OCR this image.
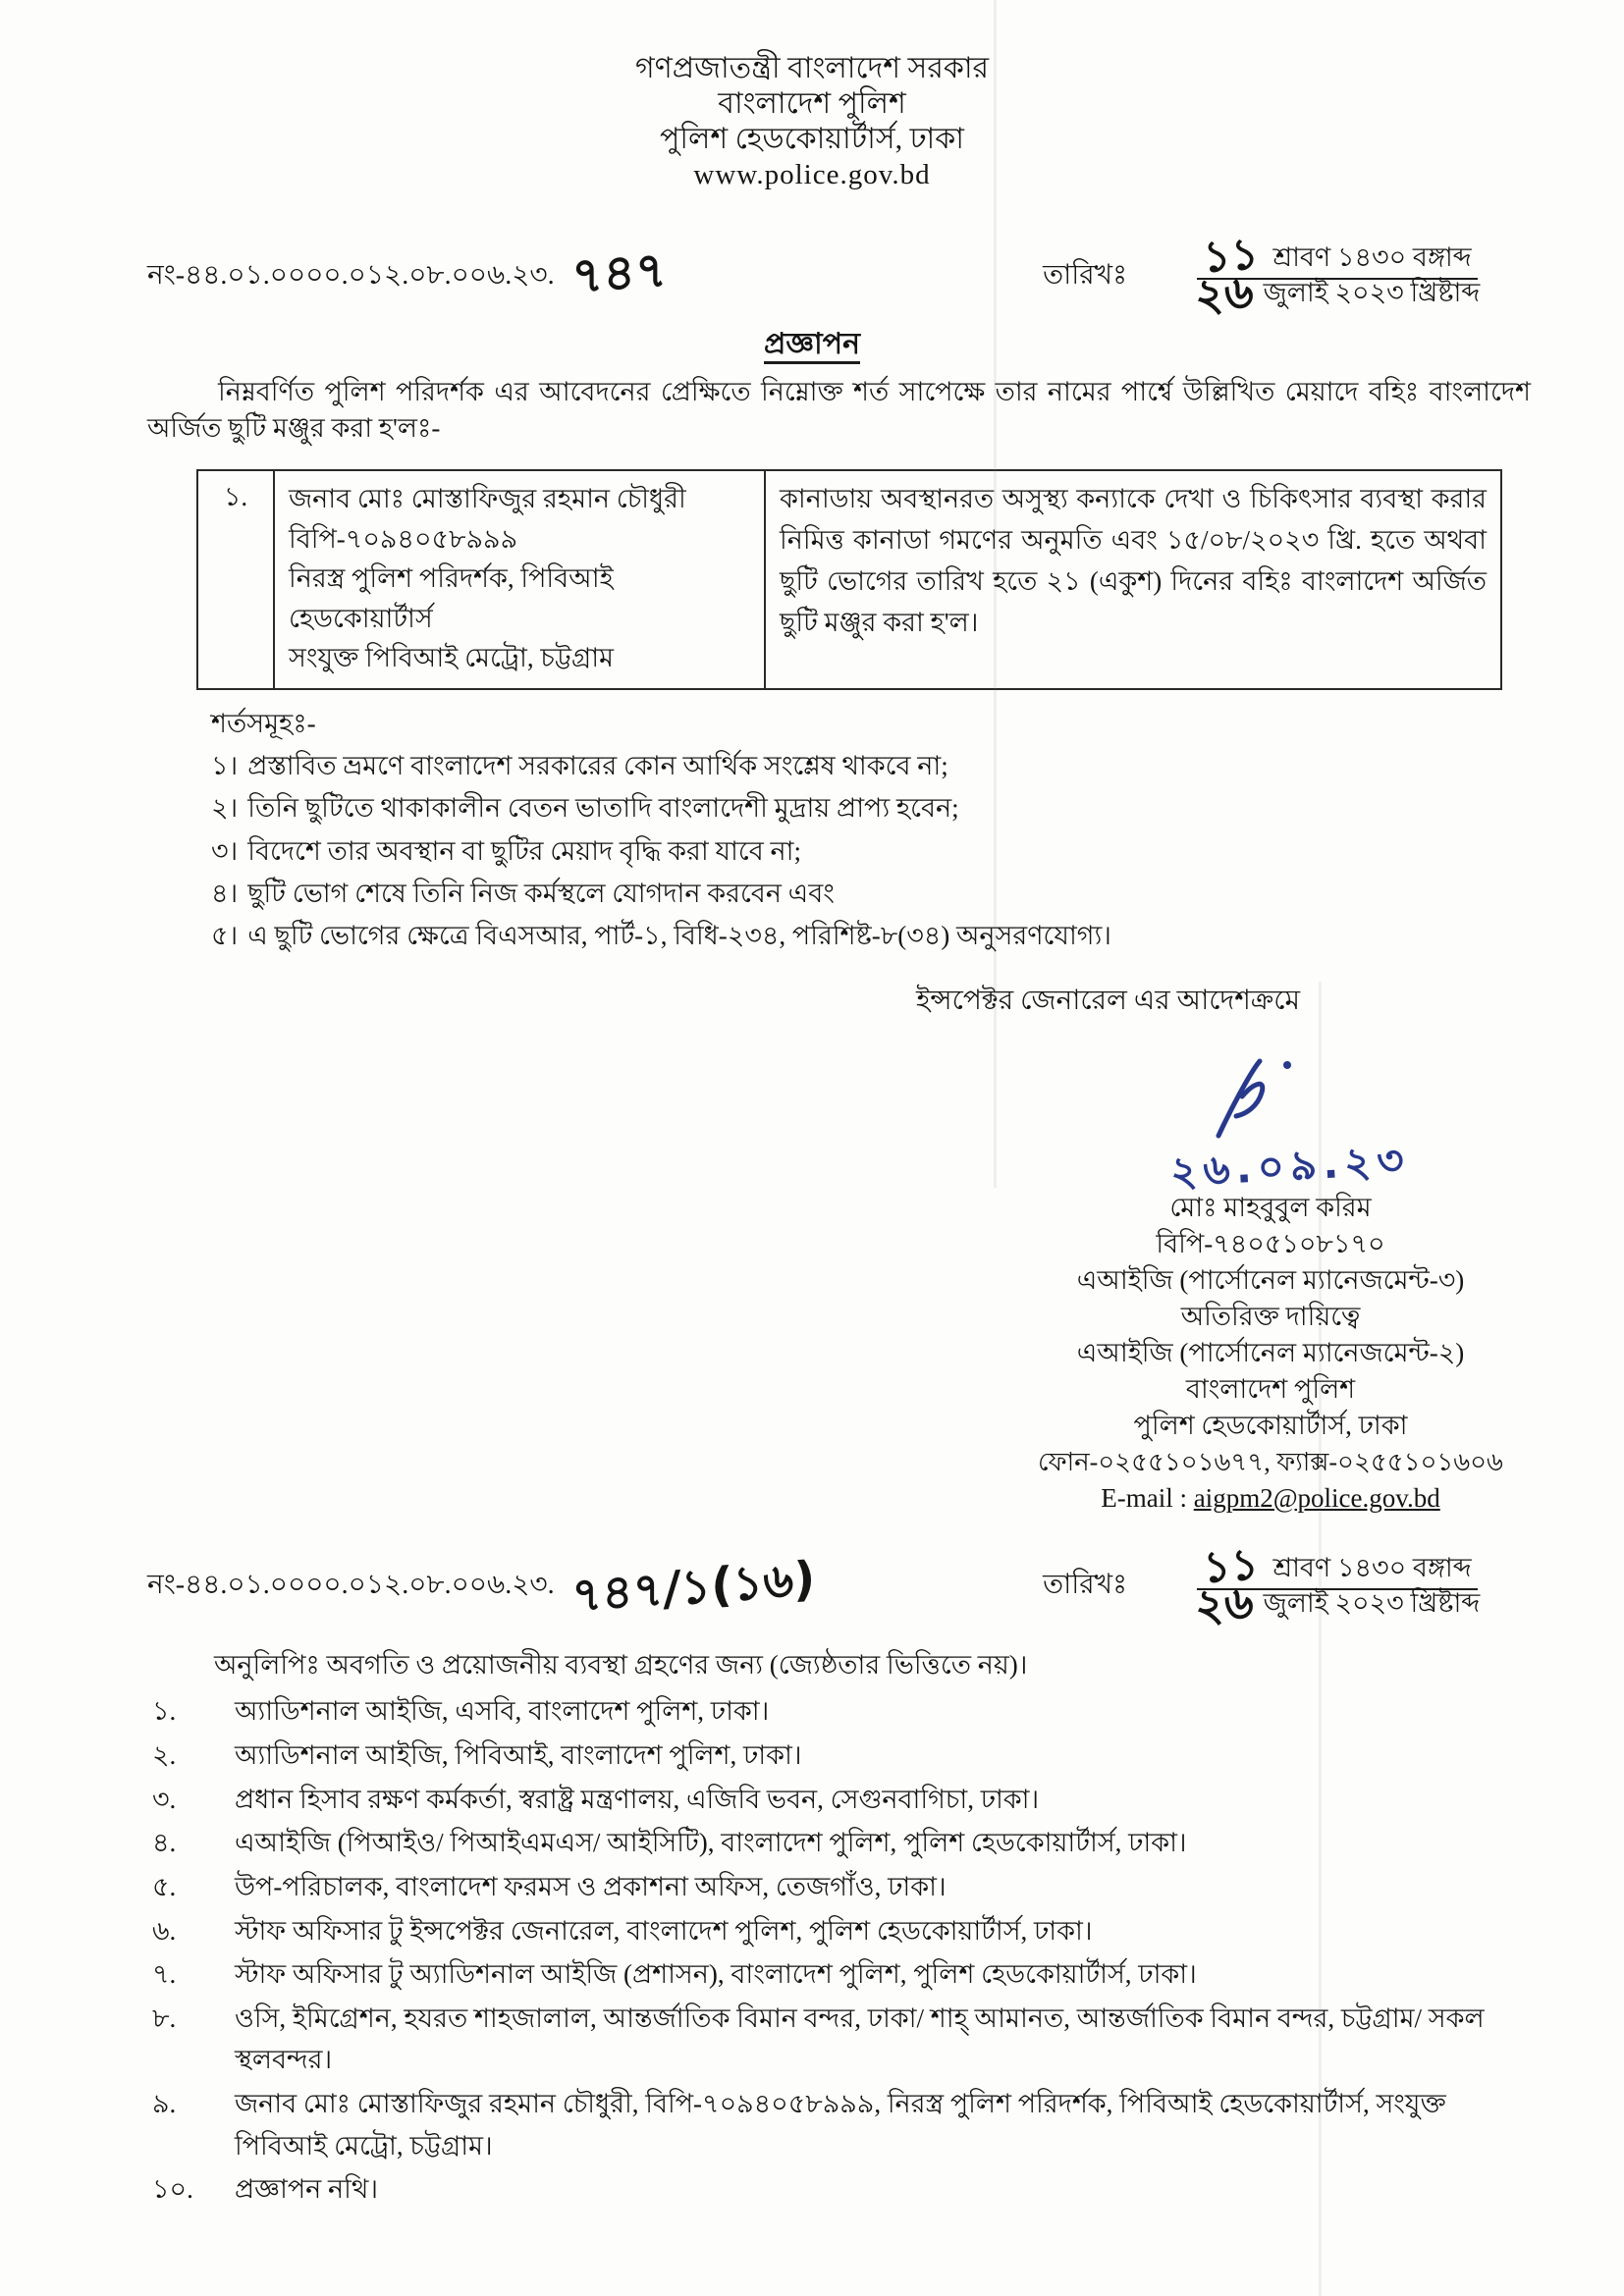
গণপ্রজাতন্ত্রী বাংলাদেশ সরকার
বাংলাদেশ পুলিশ
পুলিশ হেডকোয়ার্টার্স, ঢাকা
www.police.gov.bd
নং-৪৪.০১.০০০০.০১২.০৮.০০৬.২৩. ৭৪৭	তারিখঃ $\frac{\text{১১ শ্রাবণ ১৪৩০ বঙ্গাব্দ}}{\text{২৬ জুলাই ২০২৩ খ্রিষ্টাব্দ}}$
প্রজ্ঞাপন

নিম্নবর্ণিত পুলিশ পরিদর্শক এর আবেদনের প্রেক্ষিতে নিম্নোক্ত শর্ত সাপেক্ষে তার নামের পার্শ্বে উল্লিখিত মেয়াদে বহিঃ বাংলাদেশ অর্জিত ছুটি মঞ্জুর করা হ'লঃ-

১.	জনাব মোঃ মোস্তাফিজুর রহমান চৌধুরী
বিপি-৭০৯৪০৫৮৯৯৯
নিরস্ত্র পুলিশ পরিদর্শক, পিবিআই হেডকোয়ার্টার্স
সংযুক্ত পিবিআই মেট্রো, চট্টগ্রাম
	কানাডায় অবস্থানরত অসুস্থ্য কন্যাকে দেখা ও চিকিৎসার ব্যবস্থা করার নিমিত্ত কানাডা গমণের অনুমতি এবং ১৫/০৮/২০২৩ খ্রি. হতে অথবা ছুটি ভোগের তারিখ হতে ২১ (একুশ) দিনের বহিঃ বাংলাদেশ অর্জিত ছুটি মঞ্জুর করা হ'ল।
শর্তসমূহঃ-
১। প্রস্তাবিত ভ্রমণে বাংলাদেশ সরকারের কোন আর্থিক সংশ্লেষ থাকবে না;
২। তিনি ছুটিতে থাকাকালীন বেতন ভাতাদি বাংলাদেশী মুদ্রায় প্রাপ্য হবেন;
৩। বিদেশে তার অবস্থান বা ছুটির মেয়াদ বৃদ্ধি করা যাবে না;
৪। ছুটি ভোগ শেষে তিনি নিজ কর্মস্থলে যোগদান করবেন এবং
৫। এ ছুটি ভোগের ক্ষেত্রে বিএসআর, পার্ট-১, বিধি-২৩৪, পরিশিষ্ট-৮(৩৪) অনুসরণযোগ্য।
ইন্সপেক্টর জেনারেল এর আদেশক্রমে
২৬.০৯.২৩
মোঃ মাহবুবুল করিম
বিপি-৭৪০৫১০৮১৭০
এআইজি (পার্সোনেল ম্যানেজমেন্ট-৩)
অতিরিক্ত দায়িত্বে
এআইজি (পার্সোনেল ম্যানেজমেন্ট-২)
বাংলাদেশ পুলিশ
পুলিশ হেডকোয়ার্টার্স, ঢাকা
ফোন-০২৫৫১০১৬৭৭, ফ্যাক্স-০২৫৫১০১৬০৬
E-mail : aigpm2@police.gov.bd
নং-৪৪.০১.০০০০.০১২.০৮.০০৬.২৩. ৭৪৭/১(১৬)	তারিখঃ $\frac{\text{১১ শ্রাবণ ১৪৩০ বঙ্গাব্দ}}{\text{২৬ জুলাই ২০২৩ খ্রিষ্টাব্দ}}$

অনুলিপিঃ অবগতি ও প্রয়োজনীয় ব্যবস্থা গ্রহণের জন্য (জ্যেষ্ঠতার ভিত্তিতে নয়)।

১.	অ্যাডিশনাল আইজি, এসবি, বাংলাদেশ পুলিশ, ঢাকা।
২.	অ্যাডিশনাল আইজি, পিবিআই, বাংলাদেশ পুলিশ, ঢাকা।
৩.	প্রধান হিসাব রক্ষণ কর্মকর্তা, স্বরাষ্ট্র মন্ত্রণালয়, এজিবি ভবন, সেগুনবাগিচা, ঢাকা।
৪.	এআইজি (পিআইও/ পিআইএমএস/ আইসিটি), বাংলাদেশ পুলিশ, পুলিশ হেডকোয়ার্টার্স, ঢাকা।
৫.	উপ-পরিচালক, বাংলাদেশ ফরমস ও প্রকাশনা অফিস, তেজগাঁও, ঢাকা।
৬.	স্টাফ অফিসার টু ইন্সপেক্টর জেনারেল, বাংলাদেশ পুলিশ, পুলিশ হেডকোয়ার্টার্স, ঢাকা।
৭.	স্টাফ অফিসার টু অ্যাডিশনাল আইজি (প্রশাসন), বাংলাদেশ পুলিশ, পুলিশ হেডকোয়ার্টার্স, ঢাকা।
৮.	ওসি, ইমিগ্রেশন, হযরত শাহজালাল, আন্তর্জাতিক বিমান বন্দর, ঢাকা/ শাহ্ আমানত, আন্তর্জাতিক বিমান বন্দর, চট্টগ্রাম/ সকল স্থলবন্দর।
৯.	জনাব মোঃ মোস্তাফিজুর রহমান চৌধুরী, বিপি-৭০৯৪০৫৮৯৯৯, নিরস্ত্র পুলিশ পরিদর্শক, পিবিআই হেডকোয়ার্টার্স, সংযুক্ত পিবিআই মেট্রো, চট্টগ্রাম।
১০.	প্রজ্ঞাপন নথি।
